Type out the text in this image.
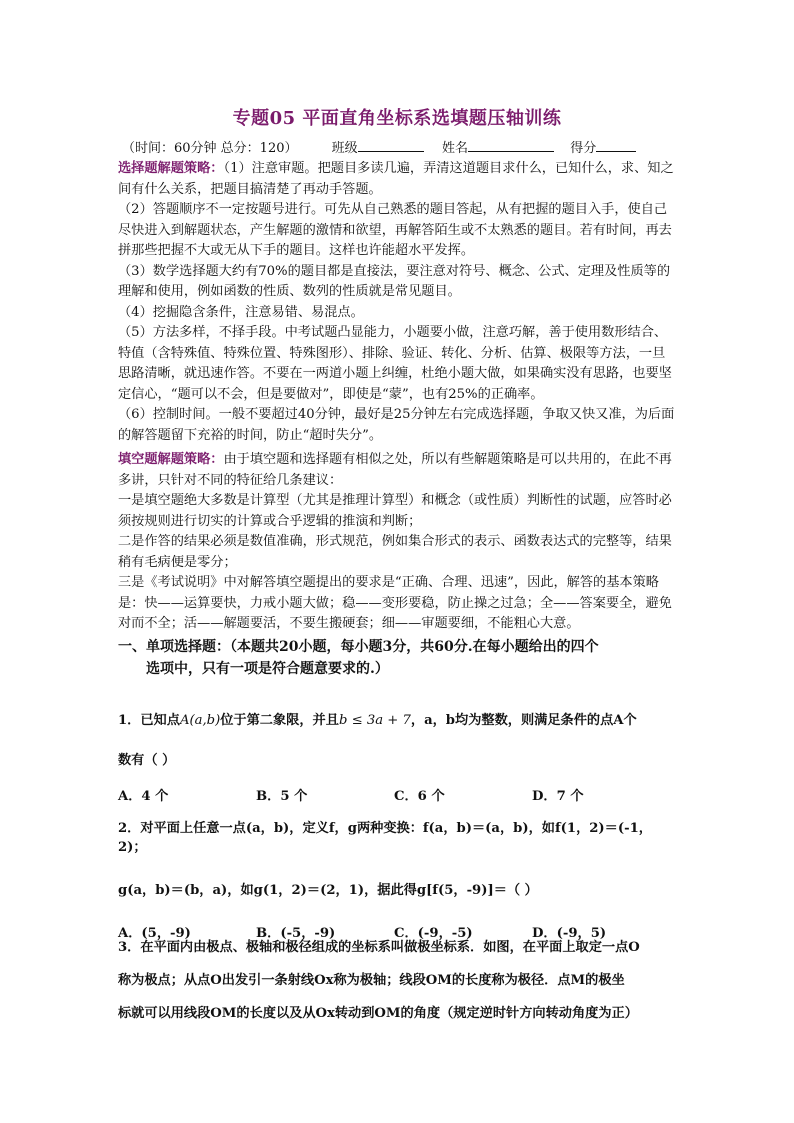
专题05 平面直角坐标系选填题压轴训练
（时间：60分钟 总分：120）	班级	姓名	得分

选择题解题策略：（1）注意审题。把题目多读几遍，弄清这道题目求什么，已知什么，求、知之间有什么关系，把题目搞清楚了再动手答题。

（2）答题顺序不一定按题号进行。可先从自己熟悉的题目答起，从有把握的题目入手，使自己尽快进入到解题状态，产生解题的激情和欲望，再解答陌生或不太熟悉的题目。若有时间，再去拼那些把握不大或无从下手的题目。这样也许能超水平发挥。

（3）数学选择题大约有70%的题目都是直接法，要注意对符号、概念、公式、定理及性质等的理解和使用，例如函数的性质、数列的性质就是常见题目。

（4）挖掘隐含条件，注意易错、易混点。

（5）方法多样，不择手段。中考试题凸显能力，小题要小做，注意巧解，善于使用数形结合、特值（含特殊值、特殊位置、特殊图形）、排除、验证、转化、分析、估算、极限等方法，一旦思路清晰，就迅速作答。不要在一两道小题上纠缠，杜绝小题大做，如果确实没有思路，也要坚定信心，“题可以不会，但是要做对”，即使是“蒙”，也有25%的正确率。

（6）控制时间。一般不要超过40分钟，最好是25分钟左右完成选择题，争取又快又准，为后面的解答题留下充裕的时间，防止“超时失分”。

填空题解题策略：由于填空题和选择题有相似之处，所以有些解题策略是可以共用的，在此不再多讲，只针对不同的特征给几条建议：

一是填空题绝大多数是计算型（尤其是推理计算型）和概念（或性质）判断性的试题，应答时必须按规则进行切实的计算或合乎逻辑的推演和判断；

二是作答的结果必须是数值准确，形式规范，例如集合形式的表示、函数表达式的完整等，结果稍有毛病便是零分；

三是《考试说明》中对解答填空题提出的要求是“正确、合理、迅速”，因此，解答的基本策略是：快——运算要快，力戒小题大做；稳——变形要稳，防止操之过急；全——答案要全，避免对而不全；活——解题要活，不要生搬硬套；细——审题要细，不能粗心大意。

一、单项选择题：（本题共20小题，每小题3分，共60分.在每小题给出的四个
选项中，只有一项是符合题意要求的.）
1．已知点A(a,b)位于第二象限，并且b ≤ 3a + 7，a，b均为整数，则满足条件的点A个
数有（ ）
A．4 个	B．5 个	C．6 个	D．7 个
2．对平面上任意一点(a，b)，定义f，g两种变换：f(a，b)＝(a，b)，如f(1，2)＝(-1，2)；
g(a，b)＝(b，a)，如g(1，2)＝(2，1)，据此得g[f(5，-9)]＝（ ）
A．(5，-9)	B．(-5，-9)	C．(-9，-5)	D．(-9，5)
3．在平面内由极点、极轴和极径组成的坐标系叫做极坐标系．如图，在平面上取定一点O
称为极点；从点O出发引一条射线Ox称为极轴；线段OM的长度称为极径．点M的极坐
标就可以用线段OM的长度以及从Ox转动到OM的角度（规定逆时针方向转动角度为正）
